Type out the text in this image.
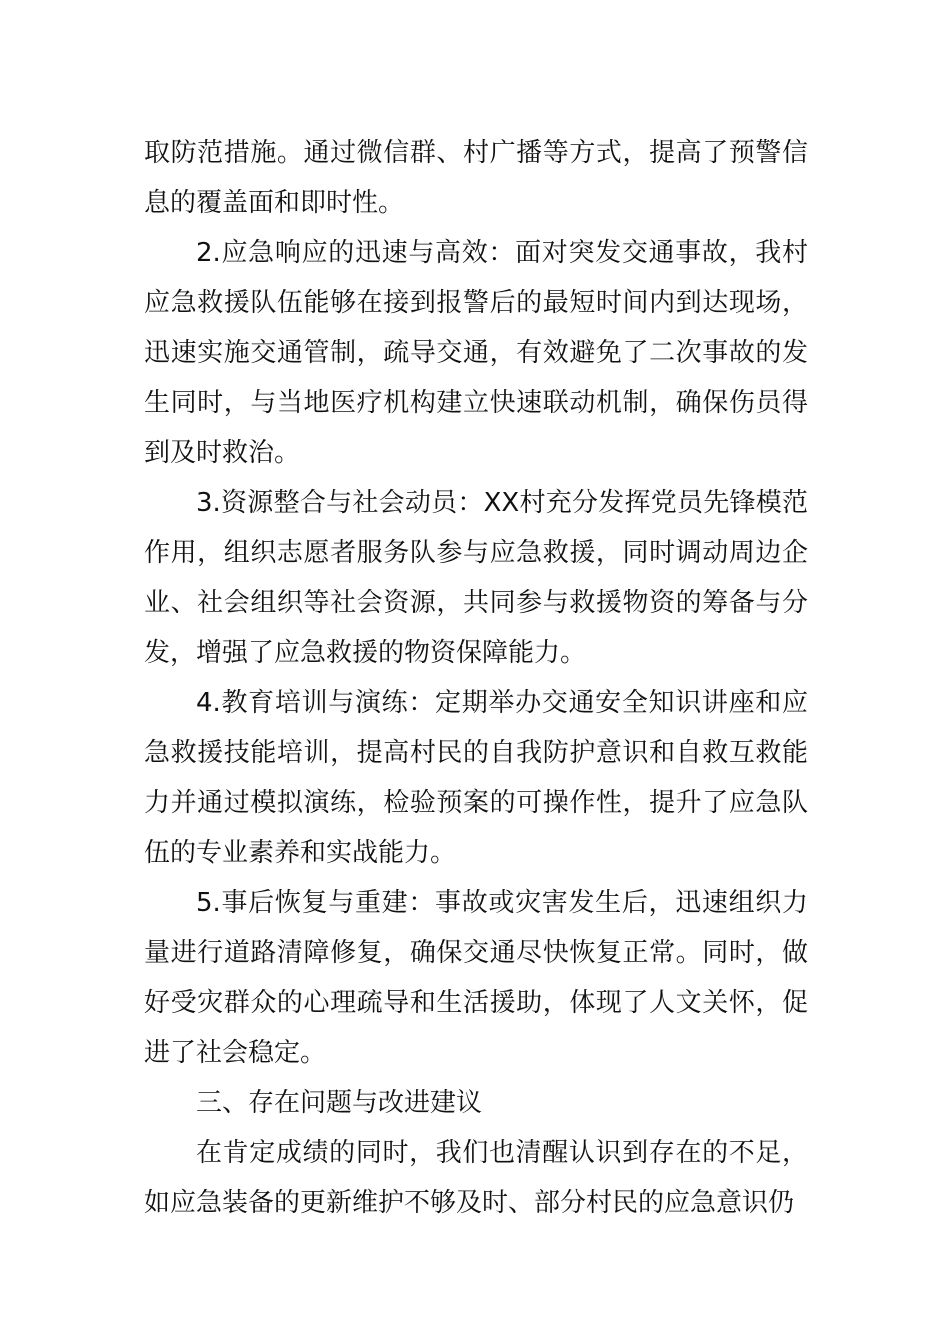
取防范措施。通过微信群、村广播等方式，提高了预警信息的覆盖面和即时性。

2.应急响应的迅速与高效：面对突发交通事故，我村应急救援队伍能够在接到报警后的最短时间内到达现场，迅速实施交通管制，疏导交通，有效避免了二次事故的发生同时，与当地医疗机构建立快速联动机制，确保伤员得到及时救治。

3.资源整合与社会动员：XX村充分发挥党员先锋模范作用，组织志愿者服务队参与应急救援，同时调动周边企业、社会组织等社会资源，共同参与救援物资的筹备与分发，增强了应急救援的物资保障能力。

4.教育培训与演练：定期举办交通安全知识讲座和应急救援技能培训，提高村民的自我防护意识和自救互救能力并通过模拟演练，检验预案的可操作性，提升了应急队伍的专业素养和实战能力。

5.事后恢复与重建：事故或灾害发生后，迅速组织力量进行道路清障修复，确保交通尽快恢复正常。同时，做好受灾群众的心理疏导和生活援助，体现了人文关怀，促进了社会稳定。

三、存在问题与改进建议

在肯定成绩的同时，我们也清醒认识到存在的不足，如应急装备的更新维护不够及时、部分村民的应急意识仍
